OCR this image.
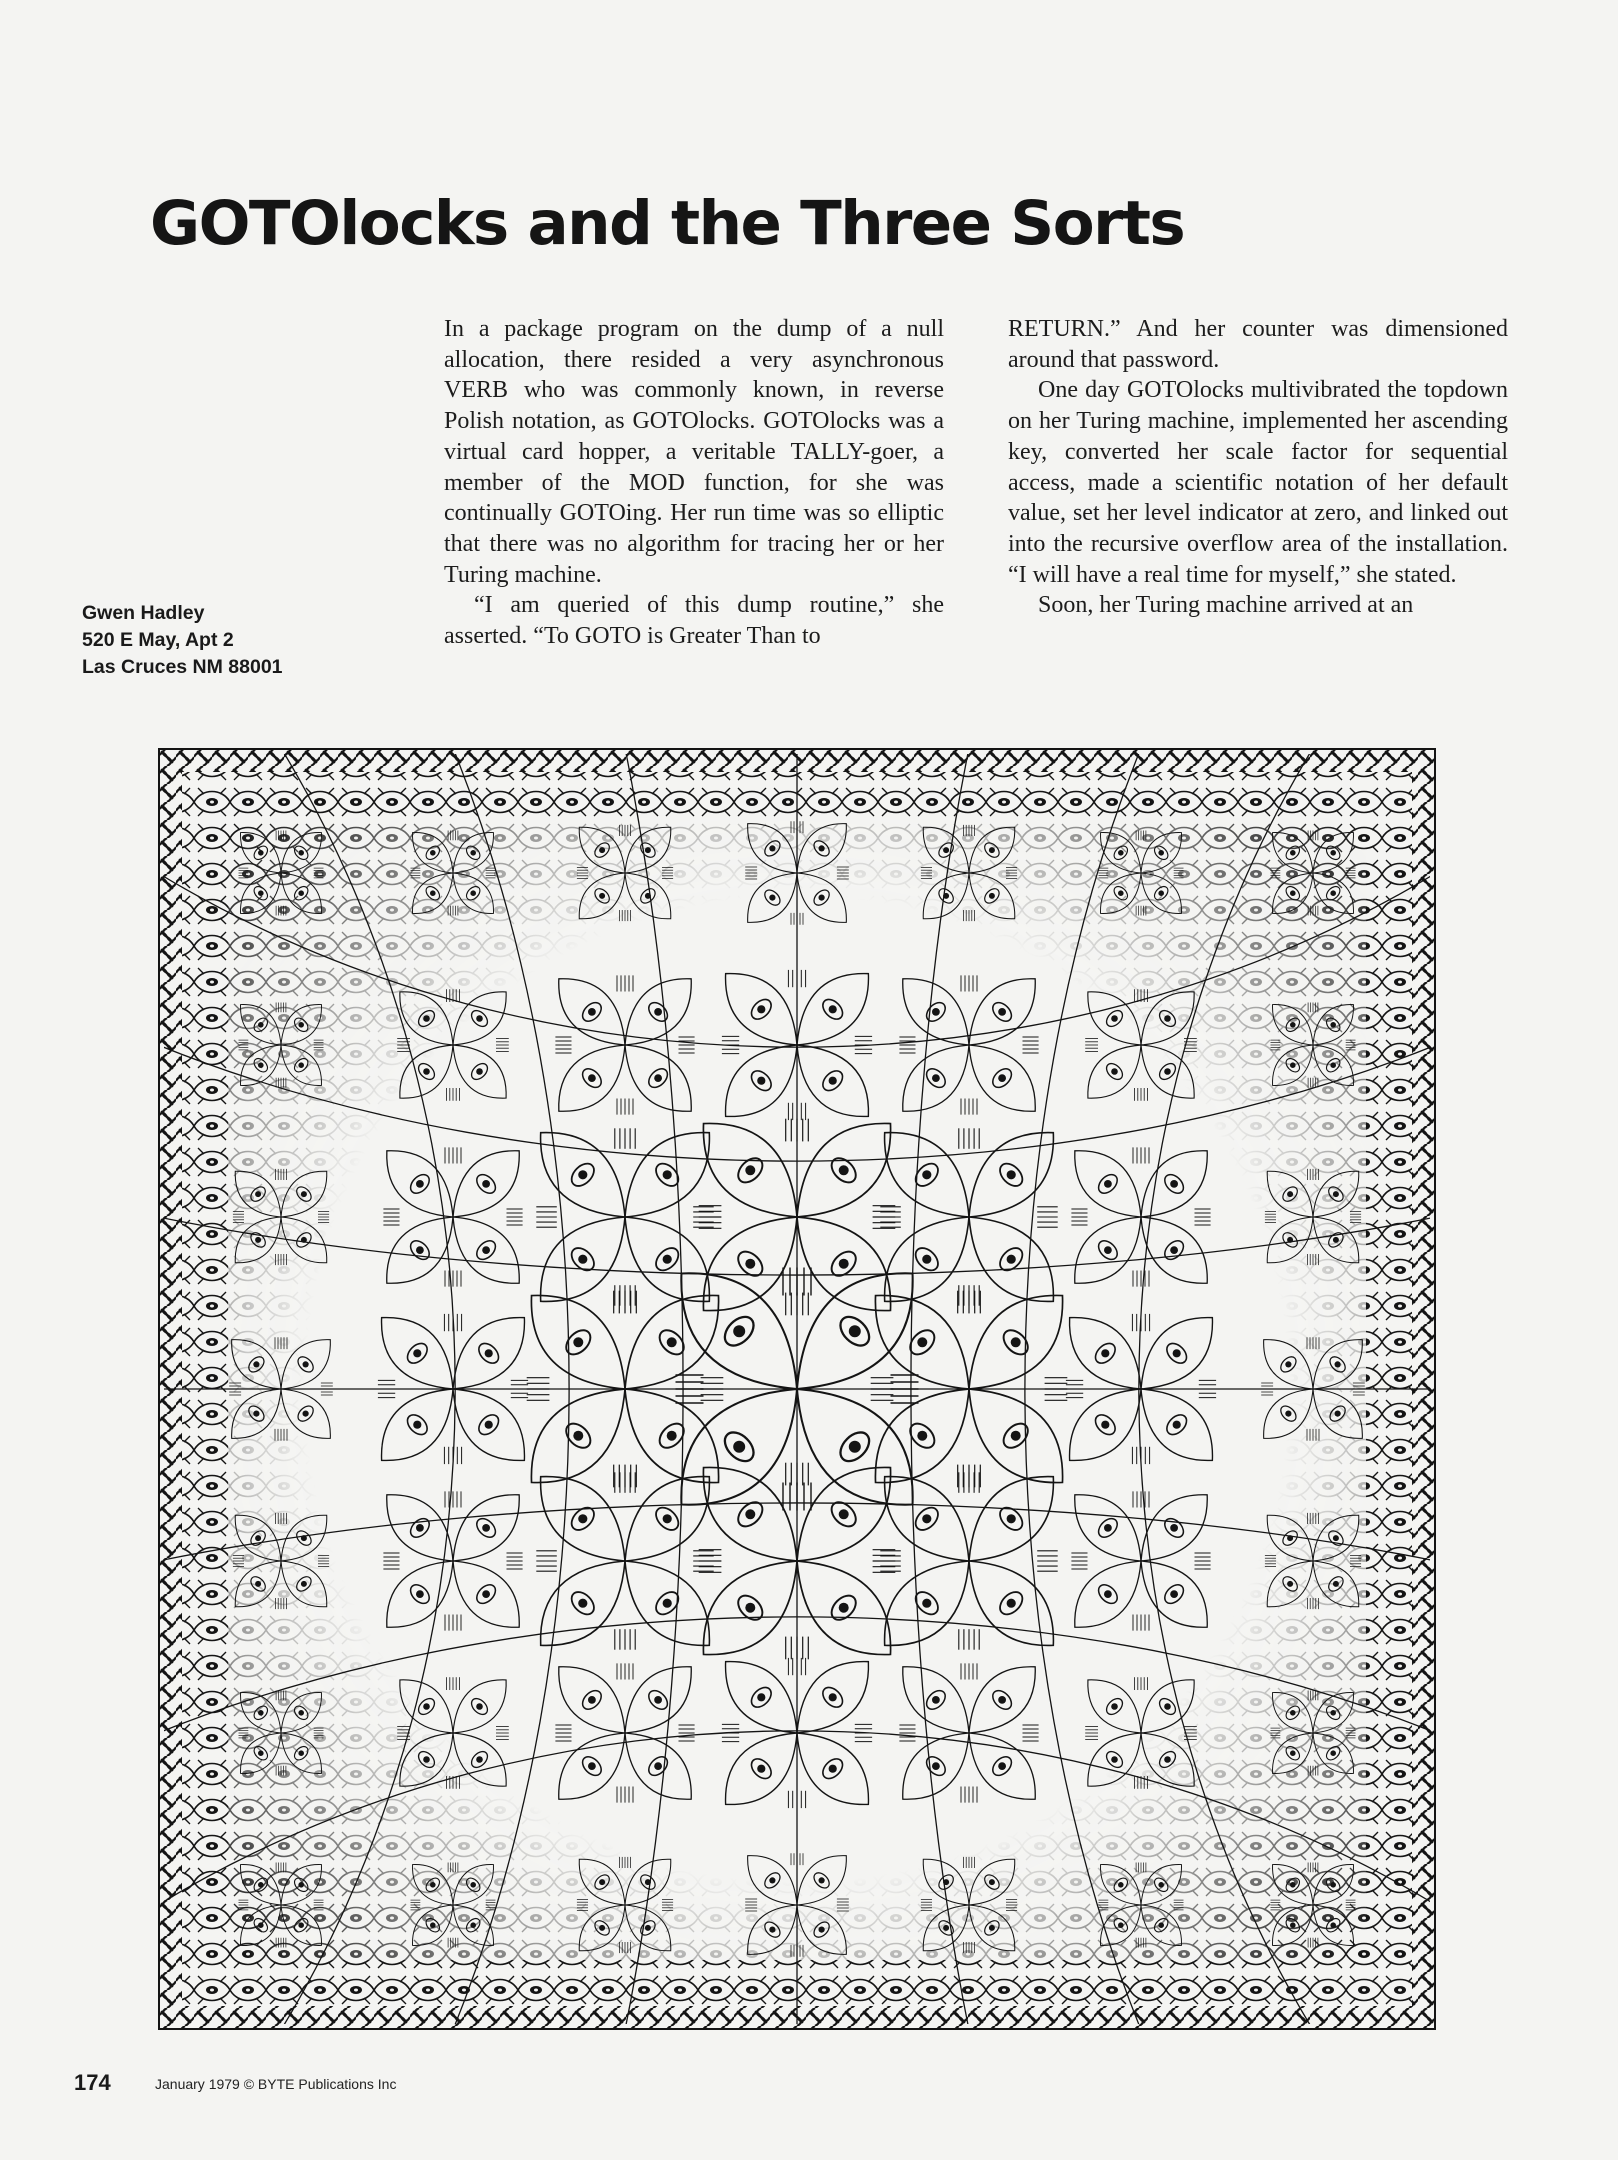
GOTOlocks and the Three Sorts
Gwen Hadley
520 E May, Apt 2
Las Cruces NM 88001

In a package program on the dump of a null allocation, there resided a very asynchronous VERB who was commonly known, in reverse Polish notation, as GOTOlocks. GOTOlocks was a virtual card hopper, a veritable TALLY-goer, a member of the MOD function, for she was continually GOTOing. Her run time was so elliptic that there was no algorithm for tracing her or her Turing machine.

“I am queried of this dump routine,” she asserted. “To GOTO is Greater Than to

RETURN.” And her counter was dimensioned around that password.

One day GOTOlocks multivibrated the topdown on her Turing machine, implemented her ascending key, converted her scale factor for sequential access, made a scientific notation of her default value, set her level indicator at zero, and linked out into the recursive overflow area of the installation. “I will have a real time for myself,” she stated.

Soon, her Turing machine arrived at an

174	January 1979 © BYTE Publications Inc
